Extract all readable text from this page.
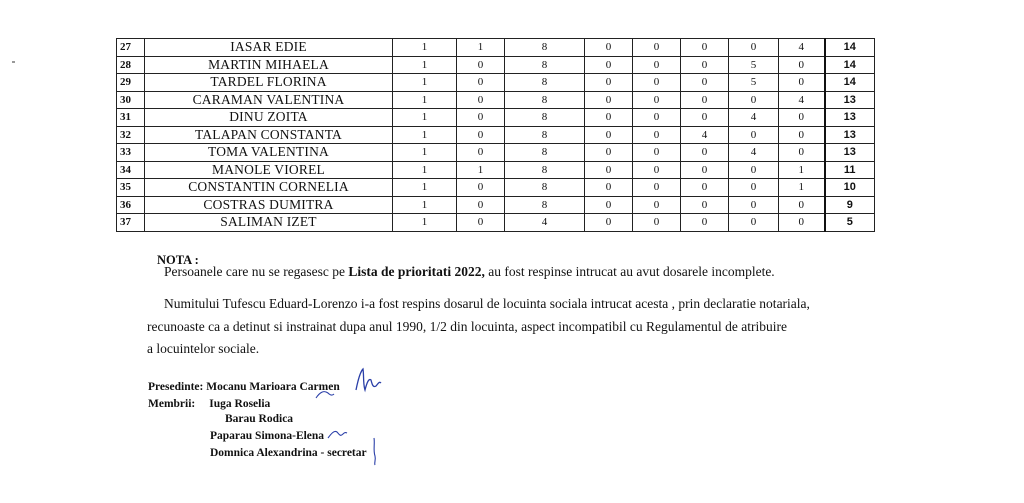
27	IASAR EDIE	1	1	8	0	0	0	0	4	14
28	MARTIN MIHAELA	1	0	8	0	0	0	5	0	14
29	TARDEL FLORINA	1	0	8	0	0	0	5	0	14
30	CARAMAN VALENTINA	1	0	8	0	0	0	0	4	13
31	DINU ZOITA	1	0	8	0	0	0	4	0	13
32	TALAPAN CONSTANTA	1	0	8	0	0	4	0	0	13
33	TOMA VALENTINA	1	0	8	0	0	0	4	0	13
34	MANOLE VIOREL	1	1	8	0	0	0	0	1	11
35	CONSTANTIN CORNELIA	1	0	8	0	0	0	0	1	10
36	COSTRAS DUMITRA	1	0	8	0	0	0	0	0	9
37	SALIMAN IZET	1	0	4	0	0	0	0	0	5
NOTA :
Persoanele care nu se regasesc pe Lista de prioritati 2022, au fost respinse intrucat au avut dosarele incomplete.
Numitului Tufescu Eduard-Lorenzo i-a fost respins dosarul de locuinta sociala intrucat acesta , prin declaratie notariala,
recunoaste ca a detinut si instrainat dupa anul 1990, 1/2 din locuinta, aspect incompatibil cu Regulamentul de atribuire
a locuintelor sociale.
Presedinte: Mocanu Marioara Carmen
Membrii: Iuga Roselia
Barau Rodica
Paparau Simona-Elena
Domnica Alexandrina - secretar
